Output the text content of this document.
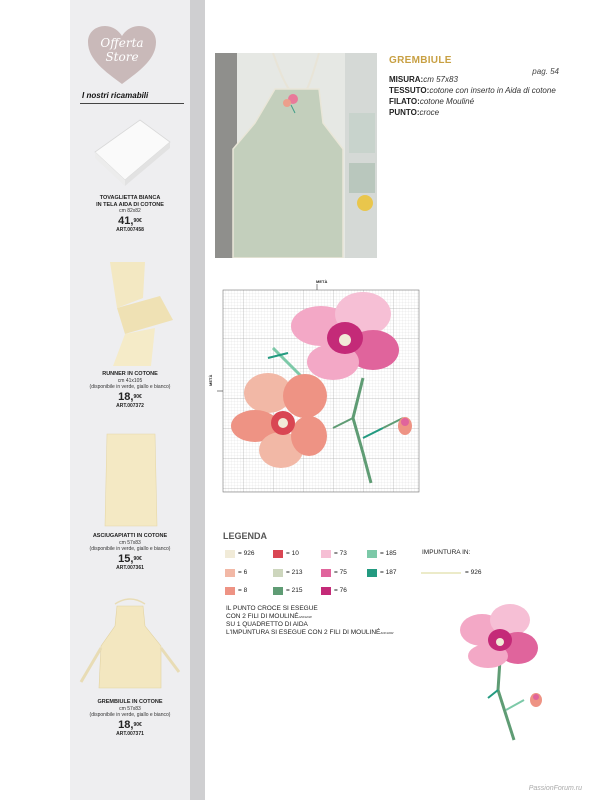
Offerta
Store
I nostri ricamabili
TOVAGLIETTA BIANCA
IN TELA AIDA DI COTONE
cm 82x82
41,$^{90€}$
ART.007458
RUNNER IN COTONE
cm 41x105
(disponibile in verde, giallo e bianco)
18,$^{90€}$
ART.007372
ASCIUGAPIATTI IN COTONE
cm 57x83
(disponibile in verde, giallo e bianco)
15,$^{90€}$
ART.007361
GREMBIULE IN COTONE
cm 57x83
(disponibile in verde, giallo e bianco)
18,$^{90€}$
ART.007371
GREMBIULE
pag. 54
MISURA:cm 57x83
TESSUTO:cotone con inserto in Aida di cotone
FILATO:cotone Mouliné
PUNTO:croce
METÀ
METÀ
LEGENDA
= 926	= 10	= 73	= 185
= 6	= 213	= 75	= 187
= 8	= 215	= 76
IMPUNTURA IN:
= 926
IL PUNTO CROCE SI ESEGUE
CON 2 FILI DI $MOULINÉ^{ANCHOR}$
SU 1 QUADRETTO DI AIDA
L'IMPUNTURA SI ESEGUE CON 2 FILI DI $MOULINÉ^{ANCHOR}$
PassionForum.ru
